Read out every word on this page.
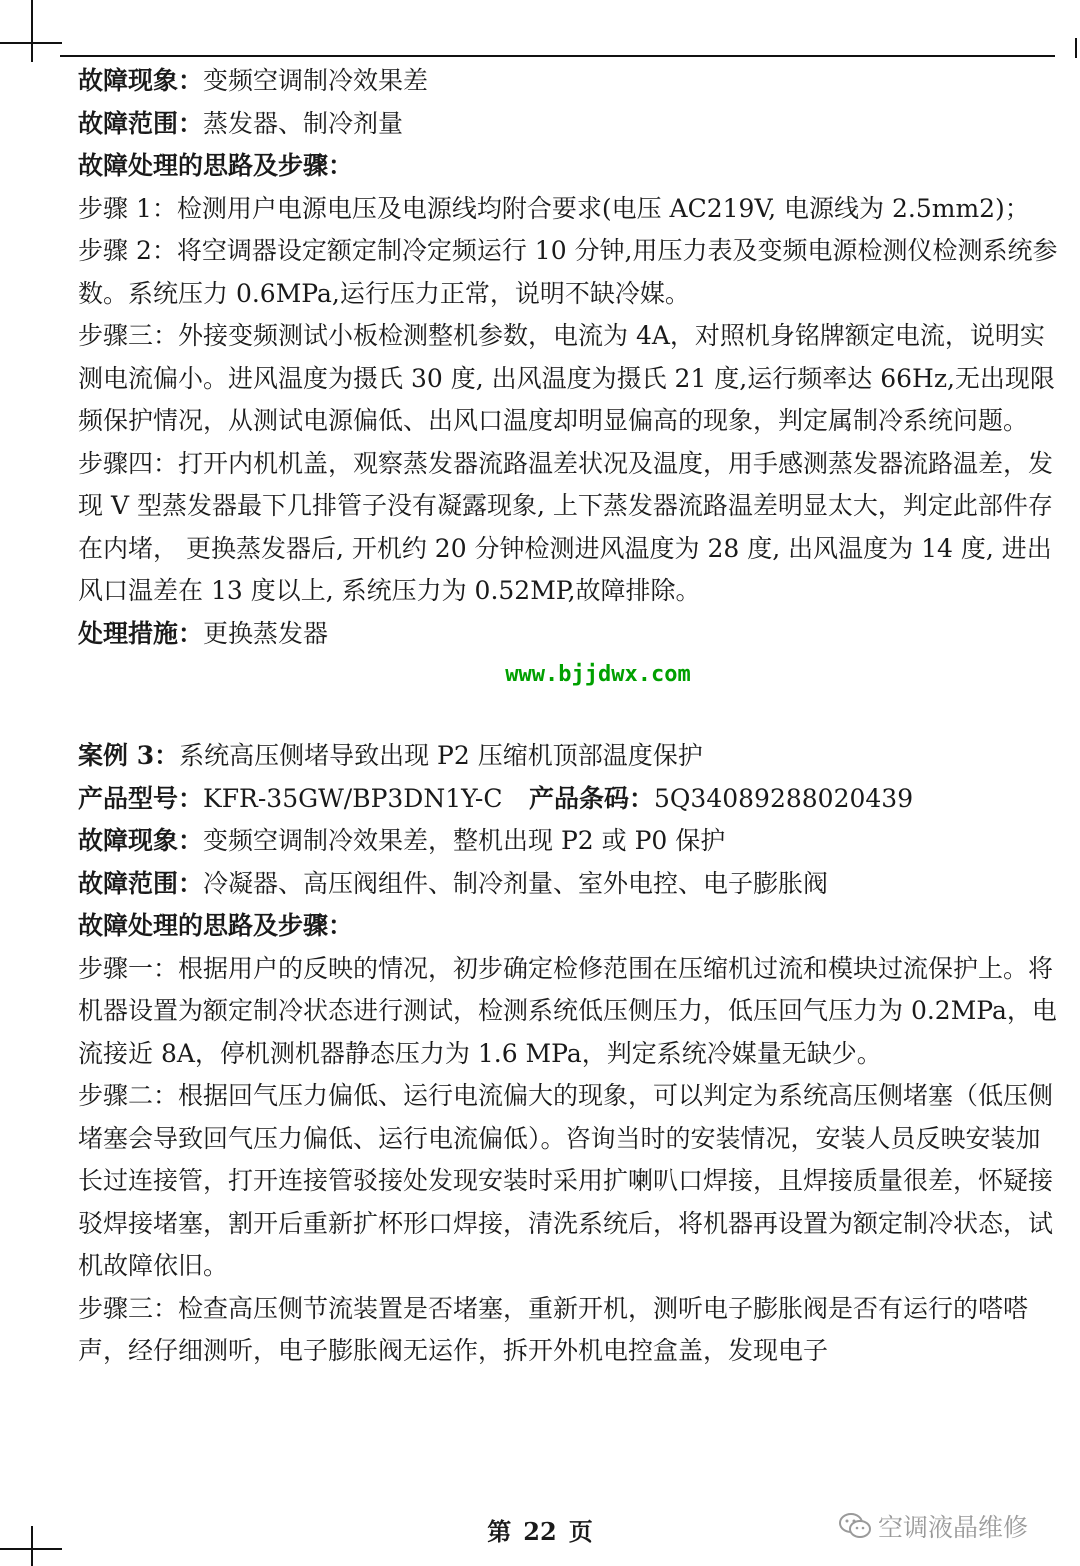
故障现象：变频空调制冷效果差

故障范围：蒸发器、制冷剂量

故障处理的思路及步骤：

步骤 1：检测用户电源电压及电源线均附合要求(电压 AC219V, 电源线为 2.5mm2)；

步骤 2：将空调器设定额定制冷定频运行 10 分钟,用压力表及变频电源检测仪检测系统参数。系统压力 0.6MPa,运行压力正常，说明不缺冷媒。

步骤三：外接变频测试小板检测整机参数，电流为 4A，对照机身铭牌额定电流，说明实测电流偏小。进风温度为摄氏 30 度, 出风温度为摄氏 21 度,运行频率达 66Hz,无出现限频保护情况，从测试电源偏低、出风口温度却明显偏高的现象，判定属制冷系统问题。

步骤四：打开内机机盖，观察蒸发器流路温差状况及温度，用手感测蒸发器流路温差，发现 V 型蒸发器最下几排管子没有凝露现象, 上下蒸发器流路温差明显太大，判定此部件存在内堵， 更换蒸发器后, 开机约 20 分钟检测进风温度为 28 度, 出风温度为 14 度, 进出风口温差在 13 度以上, 系统压力为 0.52MP,故障排除。

处理措施：更换蒸发器

www.bjjdwx.com

案例 3：系统高压侧堵导致出现 P2 压缩机顶部温度保护

产品型号：KFR-35GW/BP3DN1Y-C 产品条码：5Q34089288020439

故障现象：变频空调制冷效果差，整机出现 P2 或 P0 保护

故障范围：冷凝器、高压阀组件、制冷剂量、室外电控、电子膨胀阀

故障处理的思路及步骤：

步骤一：根据用户的反映的情况，初步确定检修范围在压缩机过流和模块过流保护上。将机器设置为额定制冷状态进行测试，检测系统低压侧压力，低压回气压力为 0.2MPa，电流接近 8A，停机测机器静态压力为 1.6 MPa，判定系统冷媒量无缺少。

步骤二：根据回气压力偏低、运行电流偏大的现象，可以判定为系统高压侧堵塞（低压侧堵塞会导致回气压力偏低、运行电流偏低）。咨询当时的安装情况，安装人员反映安装加长过连接管，打开连接管驳接处发现安装时采用扩喇叭口焊接，且焊接质量很差，怀疑接驳焊接堵塞，割开后重新扩杯形口焊接，清洗系统后，将机器再设置为额定制冷状态，试机故障依旧。

步骤三：检查高压侧节流装置是否堵塞，重新开机，测听电子膨胀阀是否有运行的嗒嗒声，经仔细测听，电子膨胀阀无运作，拆开外机电控盒盖，发现电子

第 22 页	空调液晶维修
